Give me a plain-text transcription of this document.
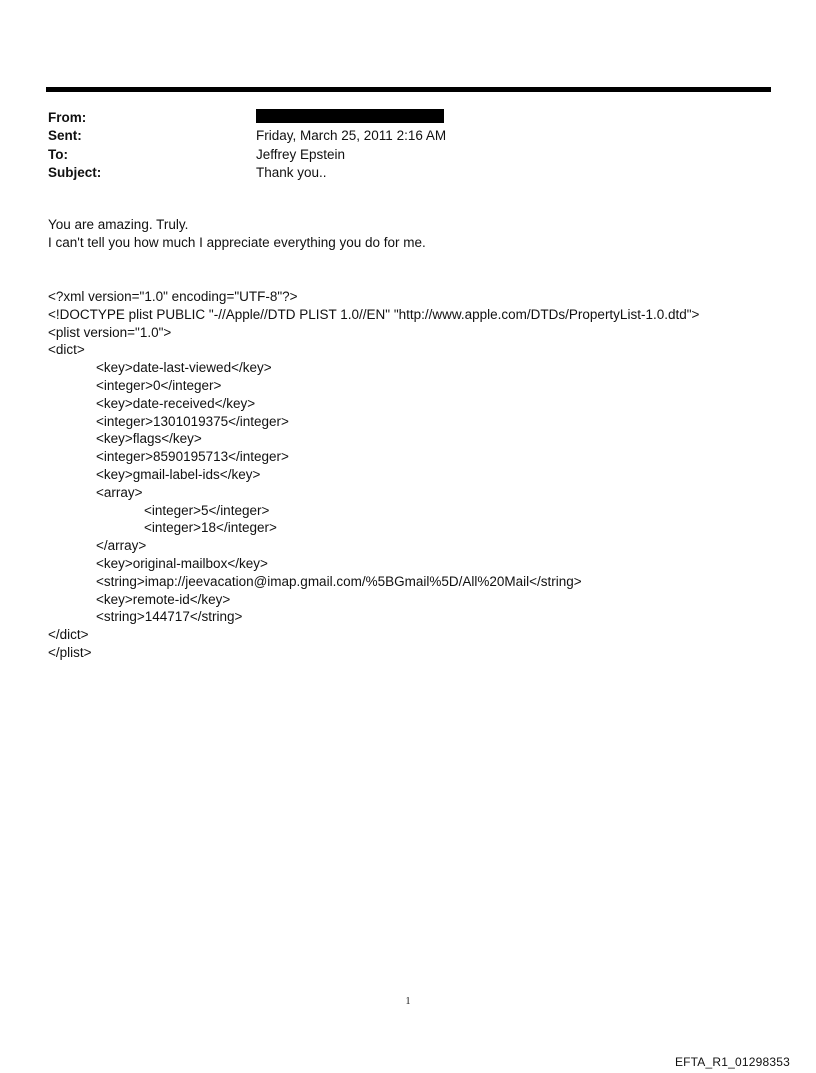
From:
Sent:	Friday, March 25, 2011 2:16 AM
To:	Jeffrey Epstein
Subject:	Thank you..
You are amazing. Truly.
I can't tell you how much I appreciate everything you do for me.
<?xml version="1.0" encoding="UTF-8"?>
<!DOCTYPE plist PUBLIC "-//Apple//DTD PLIST 1.0//EN" "http://www.apple.com/DTDs/PropertyList-1.0.dtd">
<plist version="1.0">
<dict>
<key>date-last-viewed</key>
<integer>0</integer>
<key>date-received</key>
<integer>1301019375</integer>
<key>flags</key>
<integer>8590195713</integer>
<key>gmail-label-ids</key>
<array>
<integer>5</integer>
<integer>18</integer>
</array>
<key>original-mailbox</key>
<string>imap://jeevacation@imap.gmail.com/%5BGmail%5D/All%20Mail</string>
<key>remote-id</key>
<string>144717</string>
</dict>
</plist>
1
EFTA_R1_01298353
